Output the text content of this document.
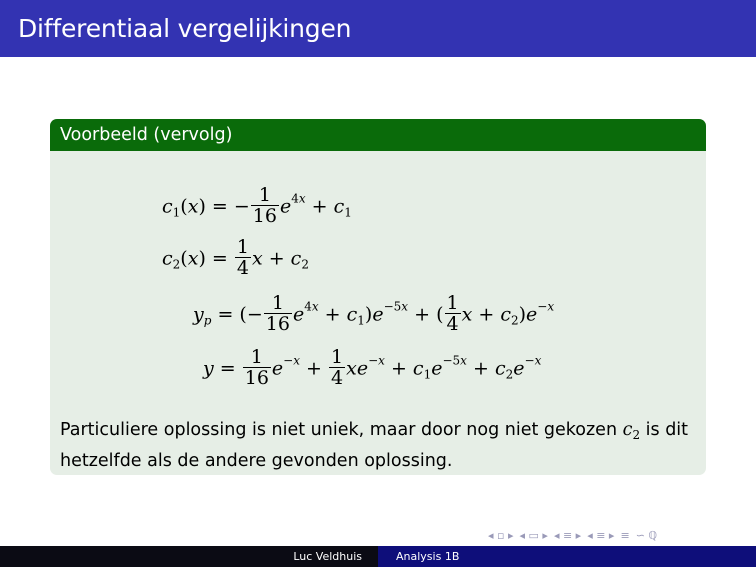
Differentiaal vergelijkingen
Voorbeeld (vervolg)
$c_1(x)$ = − $\frac{1}{16} e^{4x} + c_1$
$c_2(x) = \frac{1}{4}$ $x + c_2$
$y_p$ = (− $\frac{1}{16} e^{4x} + c_1)e^{-5x}$ + ( $\frac{1}{4}$ $x + c_2)e^{-x}$
$y = \frac{1}{16} e^{-x} + \frac{1}{4} xe^{-x} + c_1e^{-5x} + c_2e^{-x}$
Particuliere oplossing is niet uniek, maar door nog niet gekozen $c_2$ is dit hetzelfde als de andere gevonden oplossing.
◂ ▫ ▸ ◂ ▭ ▸ ◂ ≡ ▸ ◂ ≡ ▸ ≡ ∽ ℚ
Luc Veldhuis	Analysis 1B
